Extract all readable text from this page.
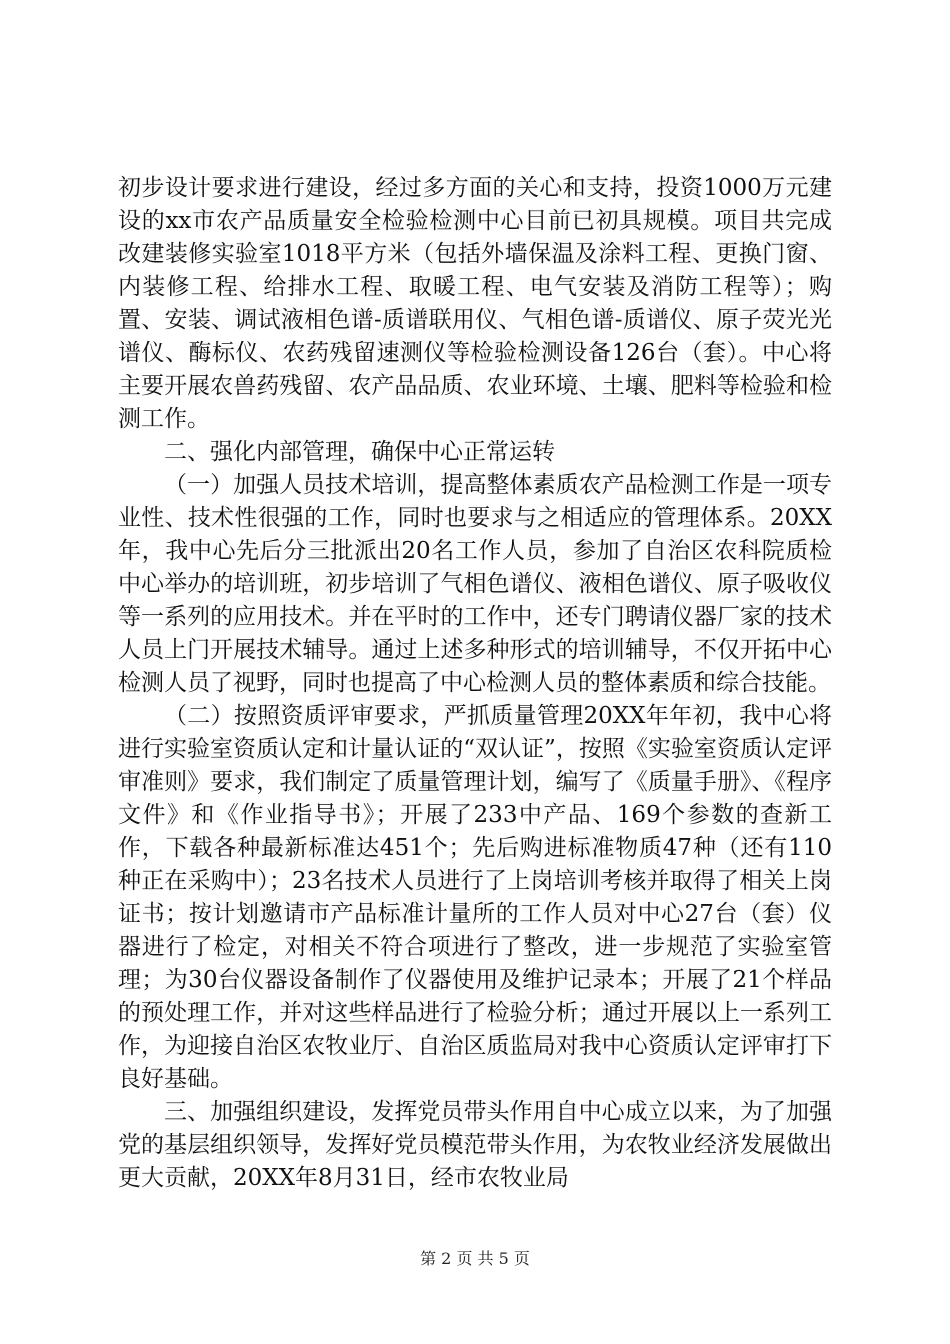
初步设计要求进行建设，经过多方面的关心和支持，投资1000万元建设的xx市农产品质量安全检验检测中心目前已初具规模。项目共完成改建装修实验室1018平方米（包括外墙保温及涂料工程、更换门窗、内装修工程、给排水工程、取暖工程、电气安装及消防工程等）；购置、安装、调试液相色谱-质谱联用仪、气相色谱-质谱仪、原子荧光光谱仪、酶标仪、农药残留速测仪等检验检测设备126台（套）。中心将主要开展农兽药残留、农产品品质、农业环境、土壤、肥料等检验和检测工作。

二、强化内部管理，确保中心正常运转

（一）加强人员技术培训，提高整体素质农产品检测工作是一项专业性、技术性很强的工作，同时也要求与之相适应的管理体系。20XX年，我中心先后分三批派出20名工作人员，参加了自治区农科院质检中心举办的培训班，初步培训了气相色谱仪、液相色谱仪、原子吸收仪等一系列的应用技术。并在平时的工作中，还专门聘请仪器厂家的技术人员上门开展技术辅导。通过上述多种形式的培训辅导，不仅开拓中心检测人员了视野，同时也提高了中心检测人员的整体素质和综合技能。

（二）按照资质评审要求，严抓质量管理20XX年年初，我中心将进行实验室资质认定和计量认证的“双认证”，按照《实验室资质认定评审准则》要求，我们制定了质量管理计划，编写了《质量手册》、《程序文件》和《作业指导书》；开展了233中产品、169个参数的查新工作，下载各种最新标准达451个；先后购进标准物质47种（还有110种正在采购中）；23名技术人员进行了上岗培训考核并取得了相关上岗证书；按计划邀请市产品标准计量所的工作人员对中心27台（套）仪器进行了检定，对相关不符合项进行了整改，进一步规范了实验室管理；为30台仪器设备制作了仪器使用及维护记录本；开展了21个样品的预处理工作，并对这些样品进行了检验分析；通过开展以上一系列工作，为迎接自治区农牧业厅、自治区质监局对我中心资质认定评审打下良好基础。

三、加强组织建设，发挥党员带头作用自中心成立以来，为了加强党的基层组织领导，发挥好党员模范带头作用，为农牧业经济发展做出更大贡献，20XX年8月31日，经市农牧业局

第 2 页 共 5 页
